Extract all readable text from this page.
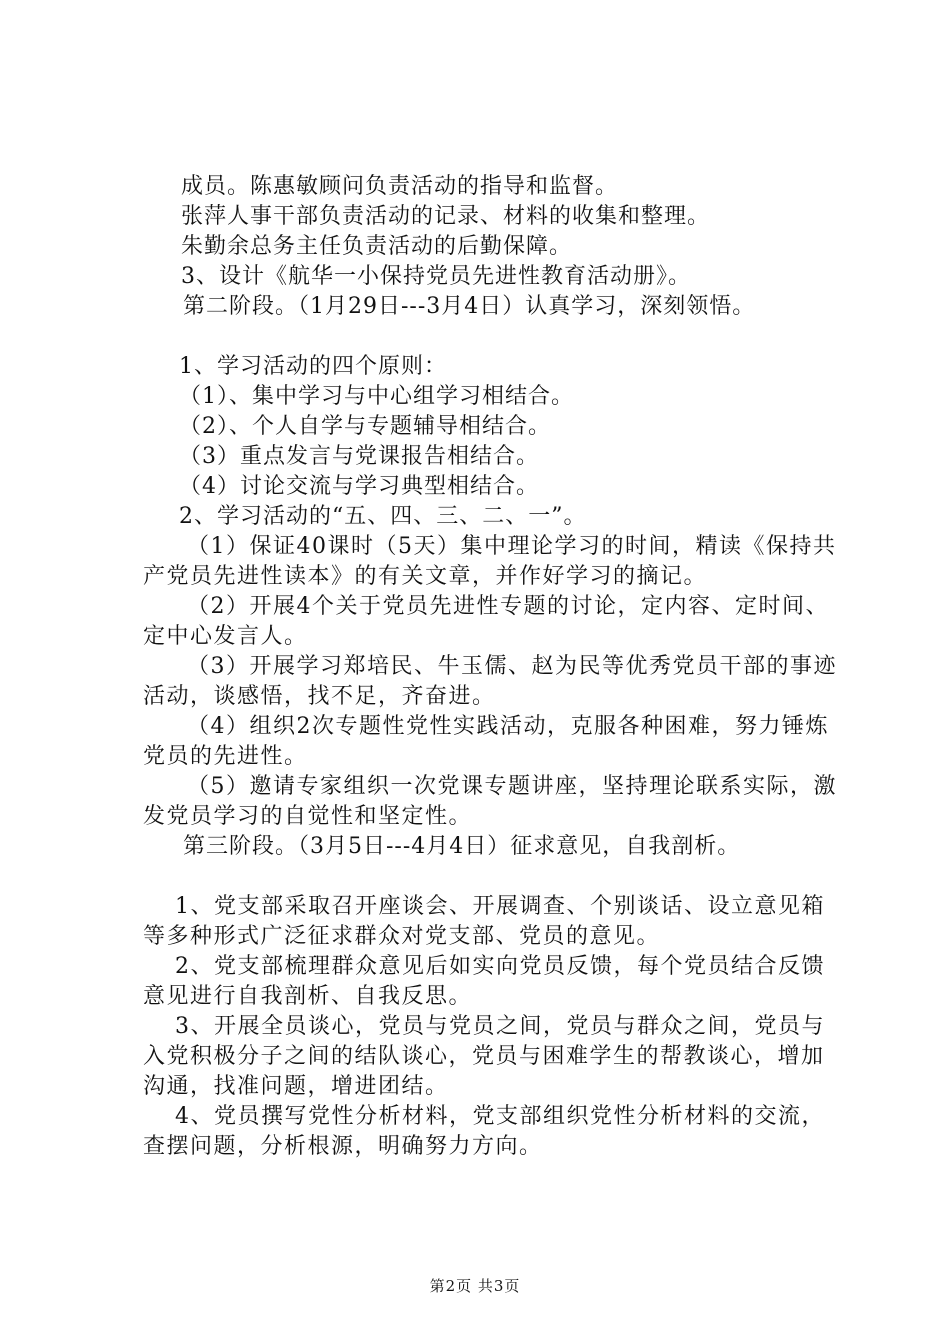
成员。陈惠敏顾问负责活动的指导和监督。

张萍人事干部负责活动的记录、材料的收集和整理。

朱勤余总务主任负责活动的后勤保障。

3、设计《航华一小保持党员先进性教育活动册》。

第二阶段。（1月29日---3月4日）认真学习，深刻领悟。

1、学习活动的四个原则：

（1）、集中学习与中心组学习相结合。

（2）、个人自学与专题辅导相结合。

（3）重点发言与党课报告相结合。

（4）讨论交流与学习典型相结合。

2、学习活动的“五、四、三、二、一”。

（1）保证40课时（5天）集中理论学习的时间，精读《保持共产党员先进性读本》的有关文章，并作好学习的摘记。

（2）开展4个关于党员先进性专题的讨论，定内容、定时间、定中心发言人。

（3）开展学习郑培民、牛玉儒、赵为民等优秀党员干部的事迹活动，谈感悟，找不足，齐奋进。

（4）组织2次专题性党性实践活动，克服各种困难，努力锤炼党员的先进性。

（5）邀请专家组织一次党课专题讲座，坚持理论联系实际，激发党员学习的自觉性和坚定性。

第三阶段。（3月5日---4月4日）征求意见，自我剖析。

1、党支部采取召开座谈会、开展调查、个别谈话、设立意见箱等多种形式广泛征求群众对党支部、党员的意见。

2、党支部梳理群众意见后如实向党员反馈，每个党员结合反馈意见进行自我剖析、自我反思。

3、开展全员谈心，党员与党员之间，党员与群众之间，党员与入党积极分子之间的结队谈心，党员与困难学生的帮教谈心，增加沟通，找准问题，增进团结。

4、党员撰写党性分析材料，党支部组织党性分析材料的交流，查摆问题，分析根源，明确努力方向。

第2页 共3页
